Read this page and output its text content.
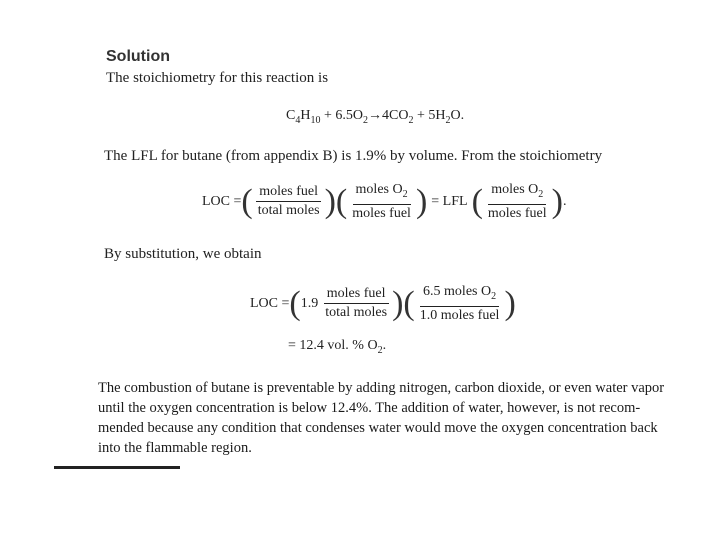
Solution
The stoichiometry for this reaction is
$C_4H_{10} + 6.5O_2\to 4CO_2 + 5H_2O$.
The LFL for butane (from appendix B) is 1.9% by volume. From the stoichiometry
LOC = ( $\frac{\text{moles fuel}}{\text{total moles}}$ ) ( $\frac{moles O_2}{\text{moles fuel}}$ ) = LFL ( $\frac{moles O_2}{\text{moles fuel}}$ ) .
By substitution, we obtain
LOC = ( $1.9 \frac{\text{moles fuel}}{\text{total moles}}$ ) ( $\frac{6.5 moles O_2}{\text{1.0 moles fuel}}$ )
= 12.4 vol. % $O_2$.
The combustion of butane is preventable by adding nitrogen, carbon dioxide, or even water vapor
until the oxygen concentration is below 12.4%. The addition of water, however, is not recom-
mended because any condition that condenses water would move the oxygen concentration back
into the flammable region.
